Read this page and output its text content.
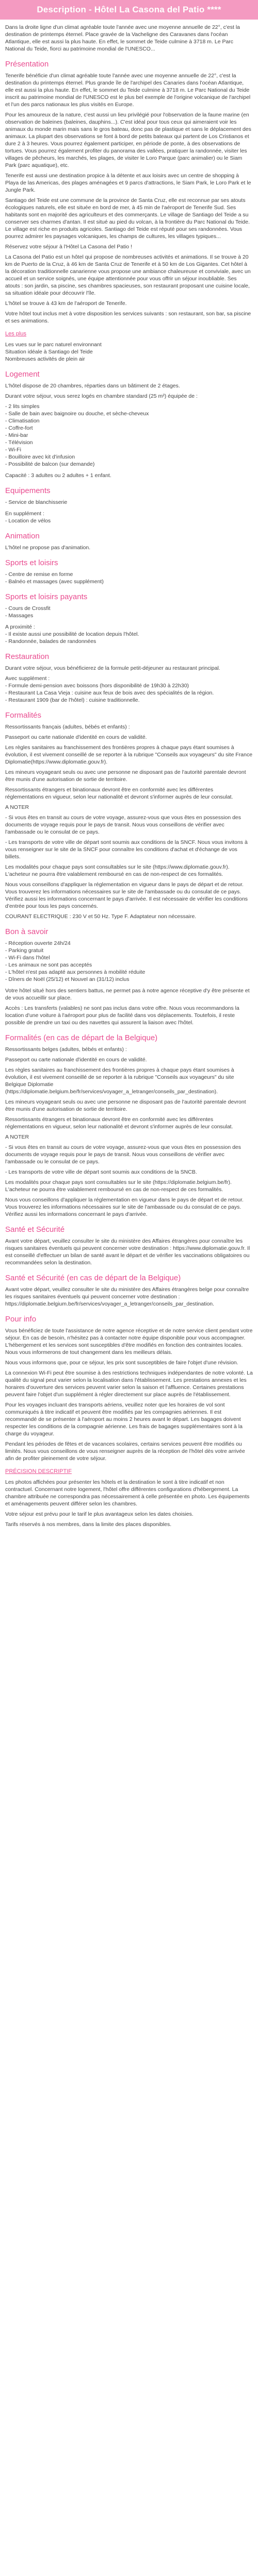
Description - Hôtel La Casona del Patio ****

Dans la droite ligne d'un climat agréable toute l'année avec une moyenne annuelle de 22°, c'est la destination de printemps éternel. Place gravée de la Vacheligne des Caravanes dans l'océan Atlantique, elle est aussi la plus haute. En effet, le sommet de Teide culmine à 3718 m. Le Parc National du Teide, fiorci au patrimoine mondial de l'UNESCO...

Présentation

Tenerife bénéficie d'un climat agréable toute l'année avec une moyenne annuelle de 22°, c'est la destination du printemps éternel. Plus grande île de l'archipel des Canaries dans l'océan Atlantique, elle est aussi la plus haute. En effet, le sommet du Teide culmine à 3718 m. Le Parc National du Teide inscrit au patrimoine mondial de l'UNESCO est le plus bel exemple de l'origine volcanique de l'archipel et l'un des parcs nationaux les plus visités en Europe.

Pour les amoureux de la nature, c'est aussi un lieu privilégié pour l'observation de la faune marine (en observation de baleines (baleines, dauphins...). C'est idéal pour tous ceux qui aimeraient voir les animaux du monde marin mais sans le gros bateau, donc pas de plastique et sans le déplacement des animaux. La plupart des observations se font à bord de petits bateaux qui partent de Los Cristianos et dure 2 à 3 heures. Vous pourrez également participer, en période de ponte, à des observations de tortues. Vous pourrez également profiter du panorama des vallées, pratiquer la randonnée, visiter les villages de pêcheurs, les marchés, les plages, de visiter le Loro Parque (parc animalier) ou le Siam Park (parc aquatique), etc.

Tenerife est aussi une destination propice à la détente et aux loisirs avec un centre de shopping à Playa de las Americas, des plages aménagées et 9 parcs d'attractions, le Siam Park, le Loro Park et le Jungle Park.

Santiago del Teide est une commune de la province de Santa Cruz, elle est reconnue par ses atouts écologiques naturels, elle est située en bord de mer, à 45 min de l'aéroport de Tenerife Sud. Ses habitants sont en majorité des agriculteurs et des commerçants. Le village de Santiago del Teide a su conserver ses charmes d'antan. Il est situé au pied du volcan, à la frontière du Parc National du Teide. Le village est riche en produits agricoles. Santiago del Teide est réputé pour ses randonnées. Vous pourrez admirer les paysages volcaniques, les champs de cultures, les villages typiques...

Réservez votre séjour à l'Hôtel La Casona del Patio !

La Casona del Patio est un hôtel qui propose de nombreuses activités et animations. Il se trouve à 20 km de Puerto de la Cruz, à 46 km de Santa Cruz de Tenerife et à 50 km de Los Gigantes. Cet hôtel à la décoration traditionnelle canarienne vous propose une ambiance chaleureuse et conviviale, avec un accueil et un service soignés, une équipe attentionnée pour vous offrir un séjour inoubliable. Ses atouts : son jardin, sa piscine, ses chambres spacieuses, son restaurant proposant une cuisine locale, sa situation idéale pour découvrir l'île.

L'hôtel se trouve à 43 km de l'aéroport de Tenerife.

Votre hôtel tout inclus met à votre disposition les services suivants : son restaurant, son bar, sa piscine et ses animations.

Les plus
Les vues sur le parc naturel environnant
Situation idéale à Santiago del Teide
Nombreuses activités de plein air
Logement

L'hôtel dispose de 20 chambres, réparties dans un bâtiment de 2 étages.

Durant votre séjour, vous serez logés en chambre standard (25 m²) équipée de :

- 2 lits simples
- Salle de bain avec baignoire ou douche, et sèche-cheveux
- Climatisation
- Coffre-fort
- Mini-bar
- Télévision
- Wi-Fi
- Bouilloire avec kit d'infusion
- Possibilité de balcon (sur demande)
Capacité : 3 adultes ou 2 adultes + 1 enfant.
Equipements
- Service de blanchisserie
En supplément :
- Location de vélos
Animation

L'hôtel ne propose pas d'animation.

Sports et loisirs
- Centre de remise en forme
- Balnéo et massages (avec supplément)
Sports et loisirs payants
- Cours de Crossfit
- Massages
A proximité :
- Il existe aussi une possibilité de location depuis l'hôtel.
- Randonnée, balades de randonnées
Restauration

Durant votre séjour, vous bénéficierez de la formule petit-déjeuner au restaurant principal.

Avec supplément :
- Formule demi-pension avec boissons (hors disponibilité de 19h30 à 22h30)
- Restaurant La Casa Vieja : cuisine aux feux de bois avec des spécialités de la région.
- Restaurant 1909 (bar de l'hôtel) : cuisine traditionnelle.
Formalités

Ressortissants français (adultes, bébés et enfants) :

Passeport ou carte nationale d'identité en cours de validité.

Les règles sanitaires au franchissement des frontières propres à chaque pays étant soumises à évolution, il est vivement conseillé de se reporter à la rubrique "Conseils aux voyageurs" du site France Diplomatie(https://www.diplomatie.gouv.fr).

Les mineurs voyageant seuls ou avec une personne ne disposant pas de l'autorité parentale devront être munis d'une autorisation de sortie de territoire.

Ressortissants étrangers et binationaux devront être en conformité avec les différentes réglementations en vigueur, selon leur nationalité et devront s'informer auprès de leur consulat.

A NOTER

- Si vous êtes en transit au cours de votre voyage, assurez-vous que vous êtes en possession des documents de voyage requis pour le pays de transit. Nous vous conseillons de vérifier avec l'ambassade ou le consulat de ce pays.

- Les transports de votre ville de départ sont soumis aux conditions de la SNCF. Nous vous invitons à vous renseigner sur le site de la SNCF pour connaître les conditions d'achat et d'échange de vos billets.

Les modalités pour chaque pays sont consultables sur le site (https://www.diplomatie.gouv.fr). L'acheteur ne pourra être valablement remboursé en cas de non-respect de ces formalités.

Nous vous conseillons d'appliquer la réglementation en vigueur dans le pays de départ et de retour. Vous trouverez les informations nécessaires sur le site de l'ambassade ou du consulat de ce pays. Vérifiez aussi les informations concernant le pays d'arrivée. Il est nécessaire de vérifier les conditions d'entrée pour tous les pays concernés.

COURANT ELECTRIQUE : 230 V et 50 Hz. Type F. Adaptateur non nécessaire.

Bon à savoir
- Réception ouverte 24h/24
- Parking gratuit
- Wi-Fi dans l'hôtel
- Les animaux ne sont pas acceptés
- L'hôtel n'est pas adapté aux personnes à mobilité réduite
- Dîners de Noël (25/12) et Nouvel an (31/12) inclus

Votre hôtel situé hors des sentiers battus, ne permet pas à notre agence réceptive d'y être présente et de vous accueillir sur place.

Accès : Les transferts (valables) ne sont pas inclus dans votre offre. Nous vous recommandons la location d'une voiture à l'aéroport pour plus de facilité dans vos déplacements. Toutefois, il reste possible de prendre un taxi ou des navettes qui assurent la liaison avec l'hôtel.

Formalités (en cas de départ de la Belgique)

Ressortissants belges (adultes, bébés et enfants) :

Passeport ou carte nationale d'identité en cours de validité.

Les règles sanitaires au franchissement des frontières propres à chaque pays étant soumises à évolution, il est vivement conseillé de se reporter à la rubrique "Conseils aux voyageurs" du site Belgique Diplomatie (https://diplomatie.belgium.be/fr/services/voyager_a_letranger/conseils_par_destination).

Les mineurs voyageant seuls ou avec une personne ne disposant pas de l'autorité parentale devront être munis d'une autorisation de sortie de territoire.

Ressortissants étrangers et binationaux devront être en conformité avec les différentes réglementations en vigueur, selon leur nationalité et devront s'informer auprès de leur consulat.

A NOTER

- Si vous êtes en transit au cours de votre voyage, assurez-vous que vous êtes en possession des documents de voyage requis pour le pays de transit. Nous vous conseillons de vérifier avec l'ambassade ou le consulat de ce pays.

- Les transports de votre ville de départ sont soumis aux conditions de la SNCB.

Les modalités pour chaque pays sont consultables sur le site (https://diplomatie.belgium.be/fr). L'acheteur ne pourra être valablement remboursé en cas de non-respect de ces formalités.

Nous vous conseillons d'appliquer la réglementation en vigueur dans le pays de départ et de retour. Vous trouverez les informations nécessaires sur le site de l'ambassade ou du consulat de ce pays. Vérifiez aussi les informations concernant le pays d'arrivée.

Santé et Sécurité

Avant votre départ, veuillez consulter le site du ministère des Affaires étrangères pour connaître les risques sanitaires éventuels qui peuvent concerner votre destination : https://www.diplomatie.gouv.fr. Il est conseillé d'effectuer un bilan de santé avant le départ et de vérifier les vaccinations obligatoires ou recommandées selon la destination.

Santé et Sécurité (en cas de départ de la Belgique)

Avant votre départ, veuillez consulter le site du ministère des Affaires étrangères belge pour connaître les risques sanitaires éventuels qui peuvent concerner votre destination : https://diplomatie.belgium.be/fr/services/voyager_a_letranger/conseils_par_destination.

Pour info

Vous bénéficiez de toute l'assistance de notre agence réceptive et de notre service client pendant votre séjour. En cas de besoin, n'hésitez pas à contacter notre équipe disponible pour vous accompagner. L'hébergement et les services sont susceptibles d'être modifiés en fonction des contraintes locales. Nous vous informerons de tout changement dans les meilleurs délais.

Nous vous informons que, pour ce séjour, les prix sont susceptibles de faire l'objet d'une révision.

La connexion Wi-Fi peut être soumise à des restrictions techniques indépendantes de notre volonté. La qualité du signal peut varier selon la localisation dans l'établissement. Les prestations annexes et les horaires d'ouverture des services peuvent varier selon la saison et l'affluence. Certaines prestations peuvent faire l'objet d'un supplément à régler directement sur place auprès de l'établissement.

Pour les voyages incluant des transports aériens, veuillez noter que les horaires de vol sont communiqués à titre indicatif et peuvent être modifiés par les compagnies aériennes. Il est recommandé de se présenter à l'aéroport au moins 2 heures avant le départ. Les bagages doivent respecter les conditions de la compagnie aérienne. Les frais de bagages supplémentaires sont à la charge du voyageur.

Pendant les périodes de fêtes et de vacances scolaires, certains services peuvent être modifiés ou limités. Nous vous conseillons de vous renseigner auprès de la réception de l'hôtel dès votre arrivée afin de profiter pleinement de votre séjour.

PRÉCISION DESCRIPTIF

Les photos affichées pour présenter les hôtels et la destination le sont à titre indicatif et non contractuel. Concernant notre logement, l'hôtel offre différentes configurations d'hébergement. La chambre attribuée ne correspondra pas nécessairement à celle présentée en photo. Les équipements et aménagements peuvent différer selon les chambres.

Votre séjour est prévu pour le tarif le plus avantageux selon les dates choisies.

Tarifs réservés à nos membres, dans la limite des places disponibles.
